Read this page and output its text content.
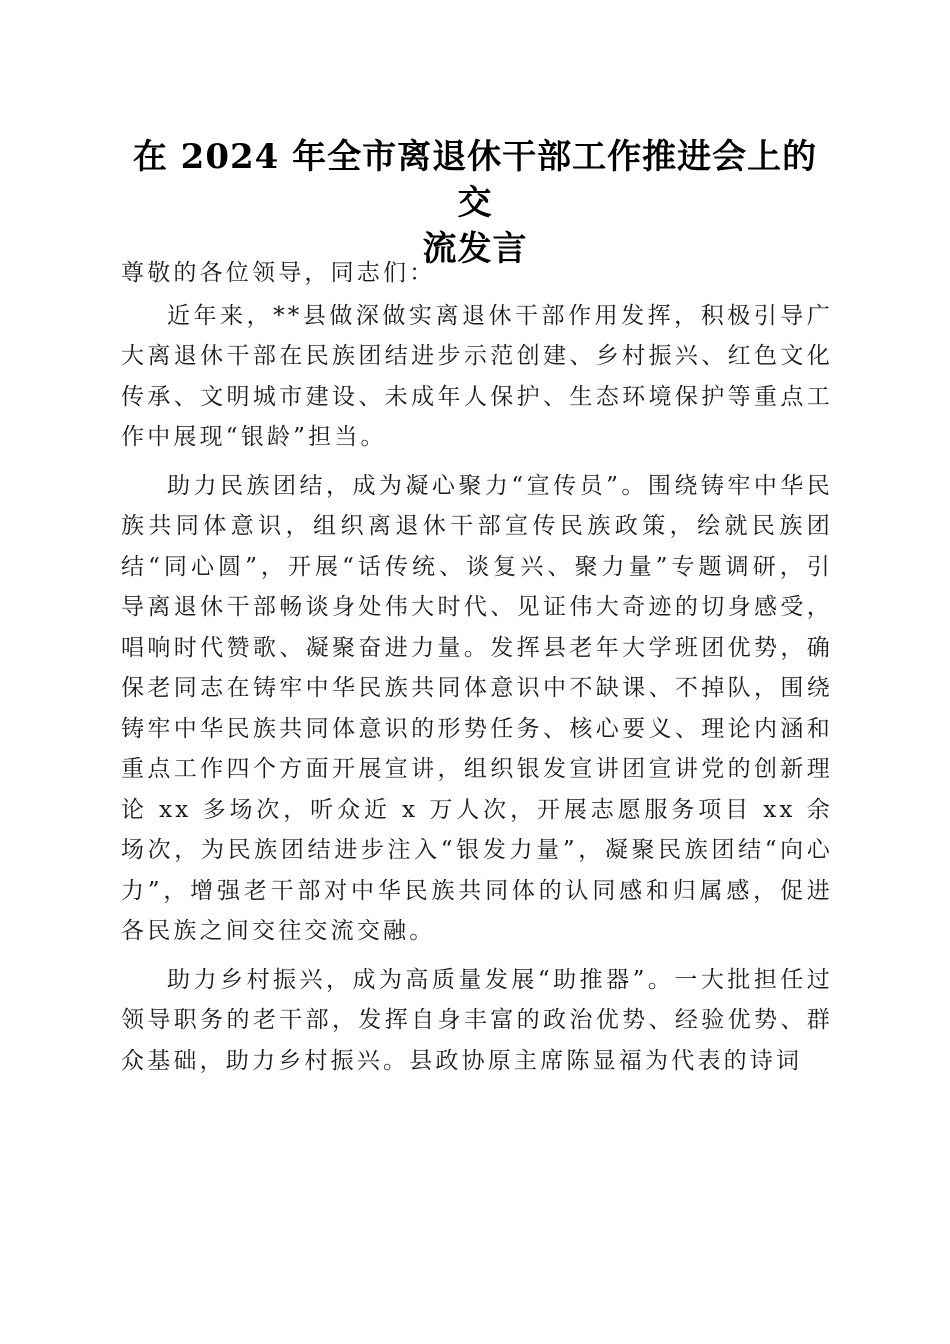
在 2024 年全市离退休干部工作推进会上的交
流发言

尊敬的各位领导，同志们：

近年来，**县做深做实离退休干部作用发挥，积极引导广大离退休干部在民族团结进步示范创建、乡村振兴、红色文化传承、文明城市建设、未成年人保护、生态环境保护等重点工作中展现“银龄”担当。

助力民族团结，成为凝心聚力“宣传员”。围绕铸牢中华民族共同体意识，组织离退休干部宣传民族政策，绘就民族团结“同心圆”，开展“话传统、谈复兴、聚力量”专题调研，引导离退休干部畅谈身处伟大时代、见证伟大奇迹的切身感受，唱响时代赞歌、凝聚奋进力量。发挥县老年大学班团优势，确保老同志在铸牢中华民族共同体意识中不缺课、不掉队，围绕铸牢中华民族共同体意识的形势任务、核心要义、理论内涵和重点工作四个方面开展宣讲，组织银发宣讲团宣讲党的创新理论 xx 多场次，听众近 x 万人次，开展志愿服务项目 xx 余场次，为民族团结进步注入“银发力量”，凝聚民族团结“向心力”，增强老干部对中华民族共同体的认同感和归属感，促进各民族之间交往交流交融。

助力乡村振兴，成为高质量发展“助推器”。一大批担任过领导职务的老干部，发挥自身丰富的政治优势、经验优势、群众基础，助力乡村振兴。县政协原主席陈显福为代表的诗词
